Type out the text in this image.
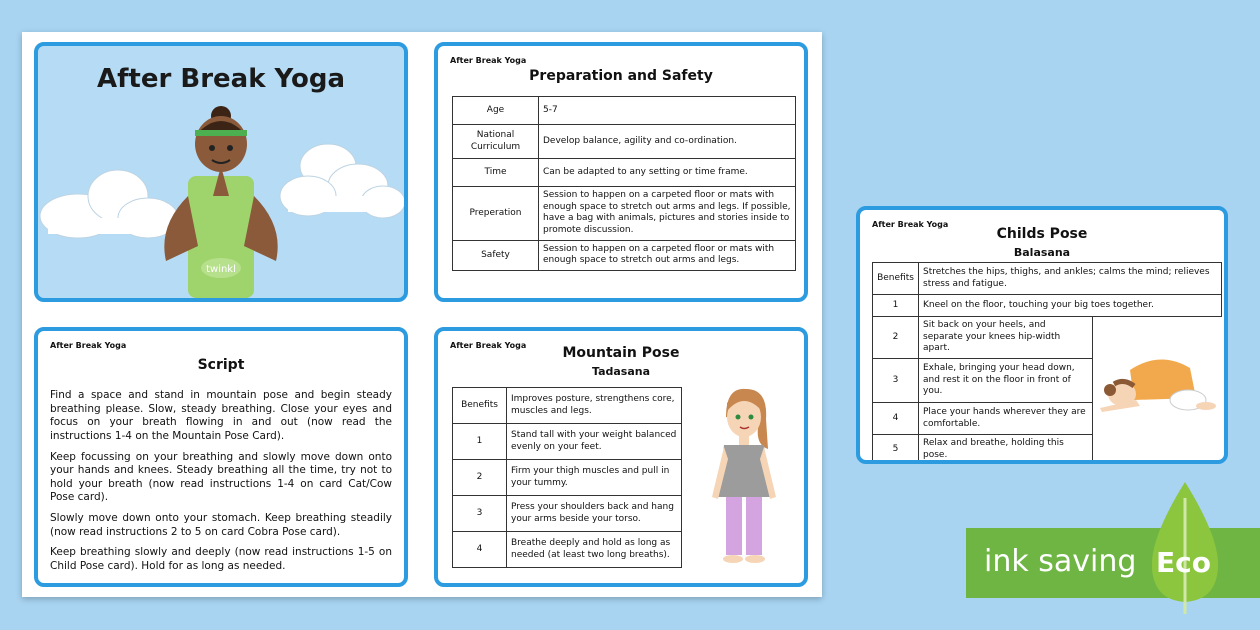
twinkl
After Break Yoga
After Break Yoga
Preparation and Safety
Age	5-7
National Curriculum	Develop balance, agility and co-ordination.
Time	Can be adapted to any setting or time frame.
Preperation	Session to happen on a carpeted floor or mats with enough space to stretch out arms and legs. If possible, have a bag with animals, pictures and stories inside to promote discussion.
Safety	Session to happen on a carpeted floor or mats with enough space to stretch out arms and legs.
After Break Yoga
Script

Find a space and stand in mountain pose and begin steady breathing please. Slow, steady breathing. Close your eyes and focus on your breath flowing in and out (now read the instructions 1-4 on the Mountain Pose Card).

Keep focussing on your breathing and slowly move down onto your hands and knees. Steady breathing all the time, try not to hold your breath (now read instructions 1-4 on card Cat/Cow Pose card).

Slowly move down onto your stomach. Keep breathing steadily (now read instructions 2 to 5 on card Cobra Pose card).

Keep breathing slowly and deeply (now read instructions 1-5 on Child Pose card). Hold for as long as needed.

After Break Yoga	Mountain Pose
Tadasana
Benefits	Improves posture, strengthens core, muscles and legs.
1	Stand tall with your weight balanced evenly on your feet.
2	Firm your thigh muscles and pull in your tummy.
3	Press your shoulders back and hang your arms beside your torso.
4	Breathe deeply and hold as long as needed (at least two long breaths).
After Break Yoga
Childs Pose
Balasana
Benefits	Stretches the hips, thighs, and ankles; calms the mind; relieves stress and fatigue.	
1	Kneel on the floor, touching your big toes together.	
2	Sit back on your heels, and separate your knees hip-width apart.	
3	Exhale, bringing your head down, and rest it on the floor in front of you.	
4	Place your hands wherever they are comfortable.	
5	Relax and breathe, holding this pose.	
ink saving Eco
